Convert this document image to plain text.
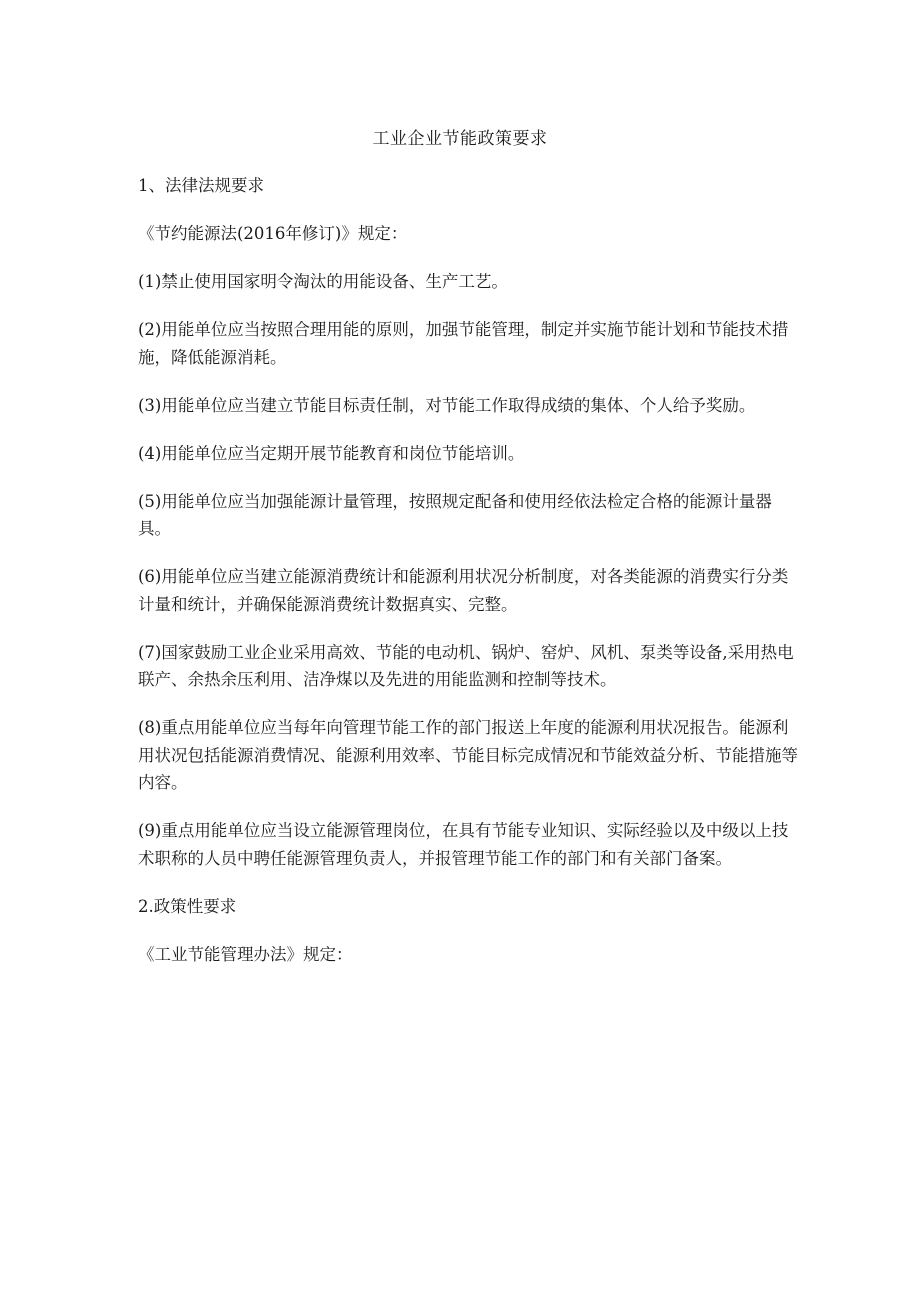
工业企业节能政策要求

1、法律法规要求

《节约能源法(2016年修订)》规定：

(1)禁止使用国家明令淘汰的用能设备、生产工艺。

(2)用能单位应当按照合理用能的原则，加强节能管理，制定并实施节能计划和节能技术措施，降低能源消耗。

(3)用能单位应当建立节能目标责任制，对节能工作取得成绩的集体、个人给予奖励。

(4)用能单位应当定期开展节能教育和岗位节能培训。

(5)用能单位应当加强能源计量管理，按照规定配备和使用经依法检定合格的能源计量器具。

(6)用能单位应当建立能源消费统计和能源利用状况分析制度，对各类能源的消费实行分类计量和统计，并确保能源消费统计数据真实、完整。

(7)国家鼓励工业企业采用高效、节能的电动机、锅炉、窑炉、风机、泵类等设备,采用热电联产、余热余压利用、洁净煤以及先进的用能监测和控制等技术。

(8)重点用能单位应当每年向管理节能工作的部门报送上年度的能源利用状况报告。能源利用状况包括能源消费情况、能源利用效率、节能目标完成情况和节能效益分析、节能措施等内容。

(9)重点用能单位应当设立能源管理岗位，在具有节能专业知识、实际经验以及中级以上技术职称的人员中聘任能源管理负责人，并报管理节能工作的部门和有关部门备案。

2.政策性要求

《工业节能管理办法》规定：
